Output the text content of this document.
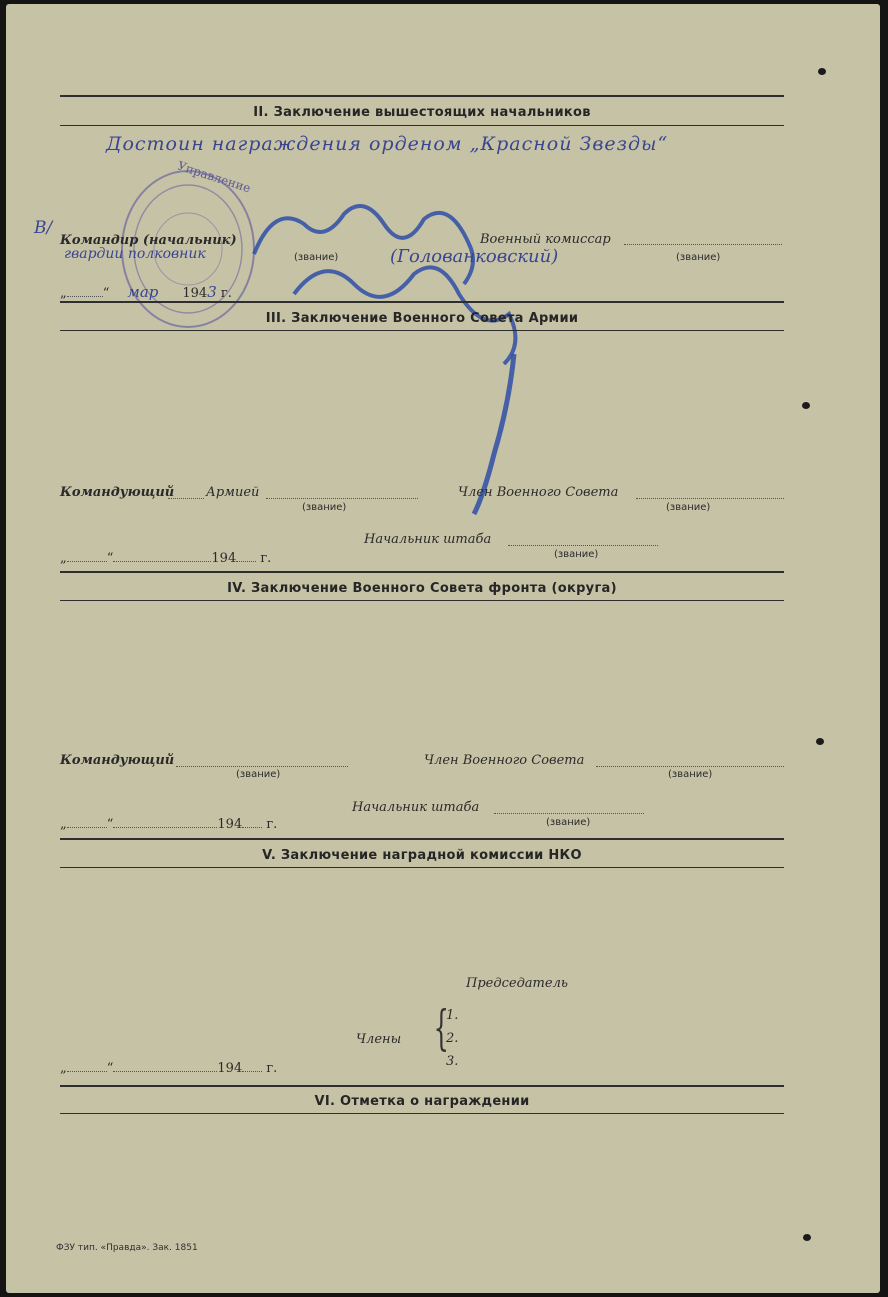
II. Заключение вышестоящих начальников
Достоин награждения орденом „Красной Звезды“
Управление
В/
Командир (начальник)
гвардии полковник	(звание)
Военный комиссар
(Голованковский)	(звание)
„	“ мар 1943 г.
III. Заключение Военного Совета Армии
Командующий Армией
(звание)
Член Военного Совета
(звание)
Начальник штаба
(звание)
„	“	194 г.
IV. Заключение Военного Совета фронта (округа)
Командующий
(звание)
Член Военного Совета
(звание)
Начальник штаба
(звание)
„	“	194 г.
V. Заключение наградной комиссии НКО
Председатель
Члены {
1.
2.
3.
„	“	194 г.
VI. Отметка о награждении
ФЗУ тип. «Правда». Зак. 1851
